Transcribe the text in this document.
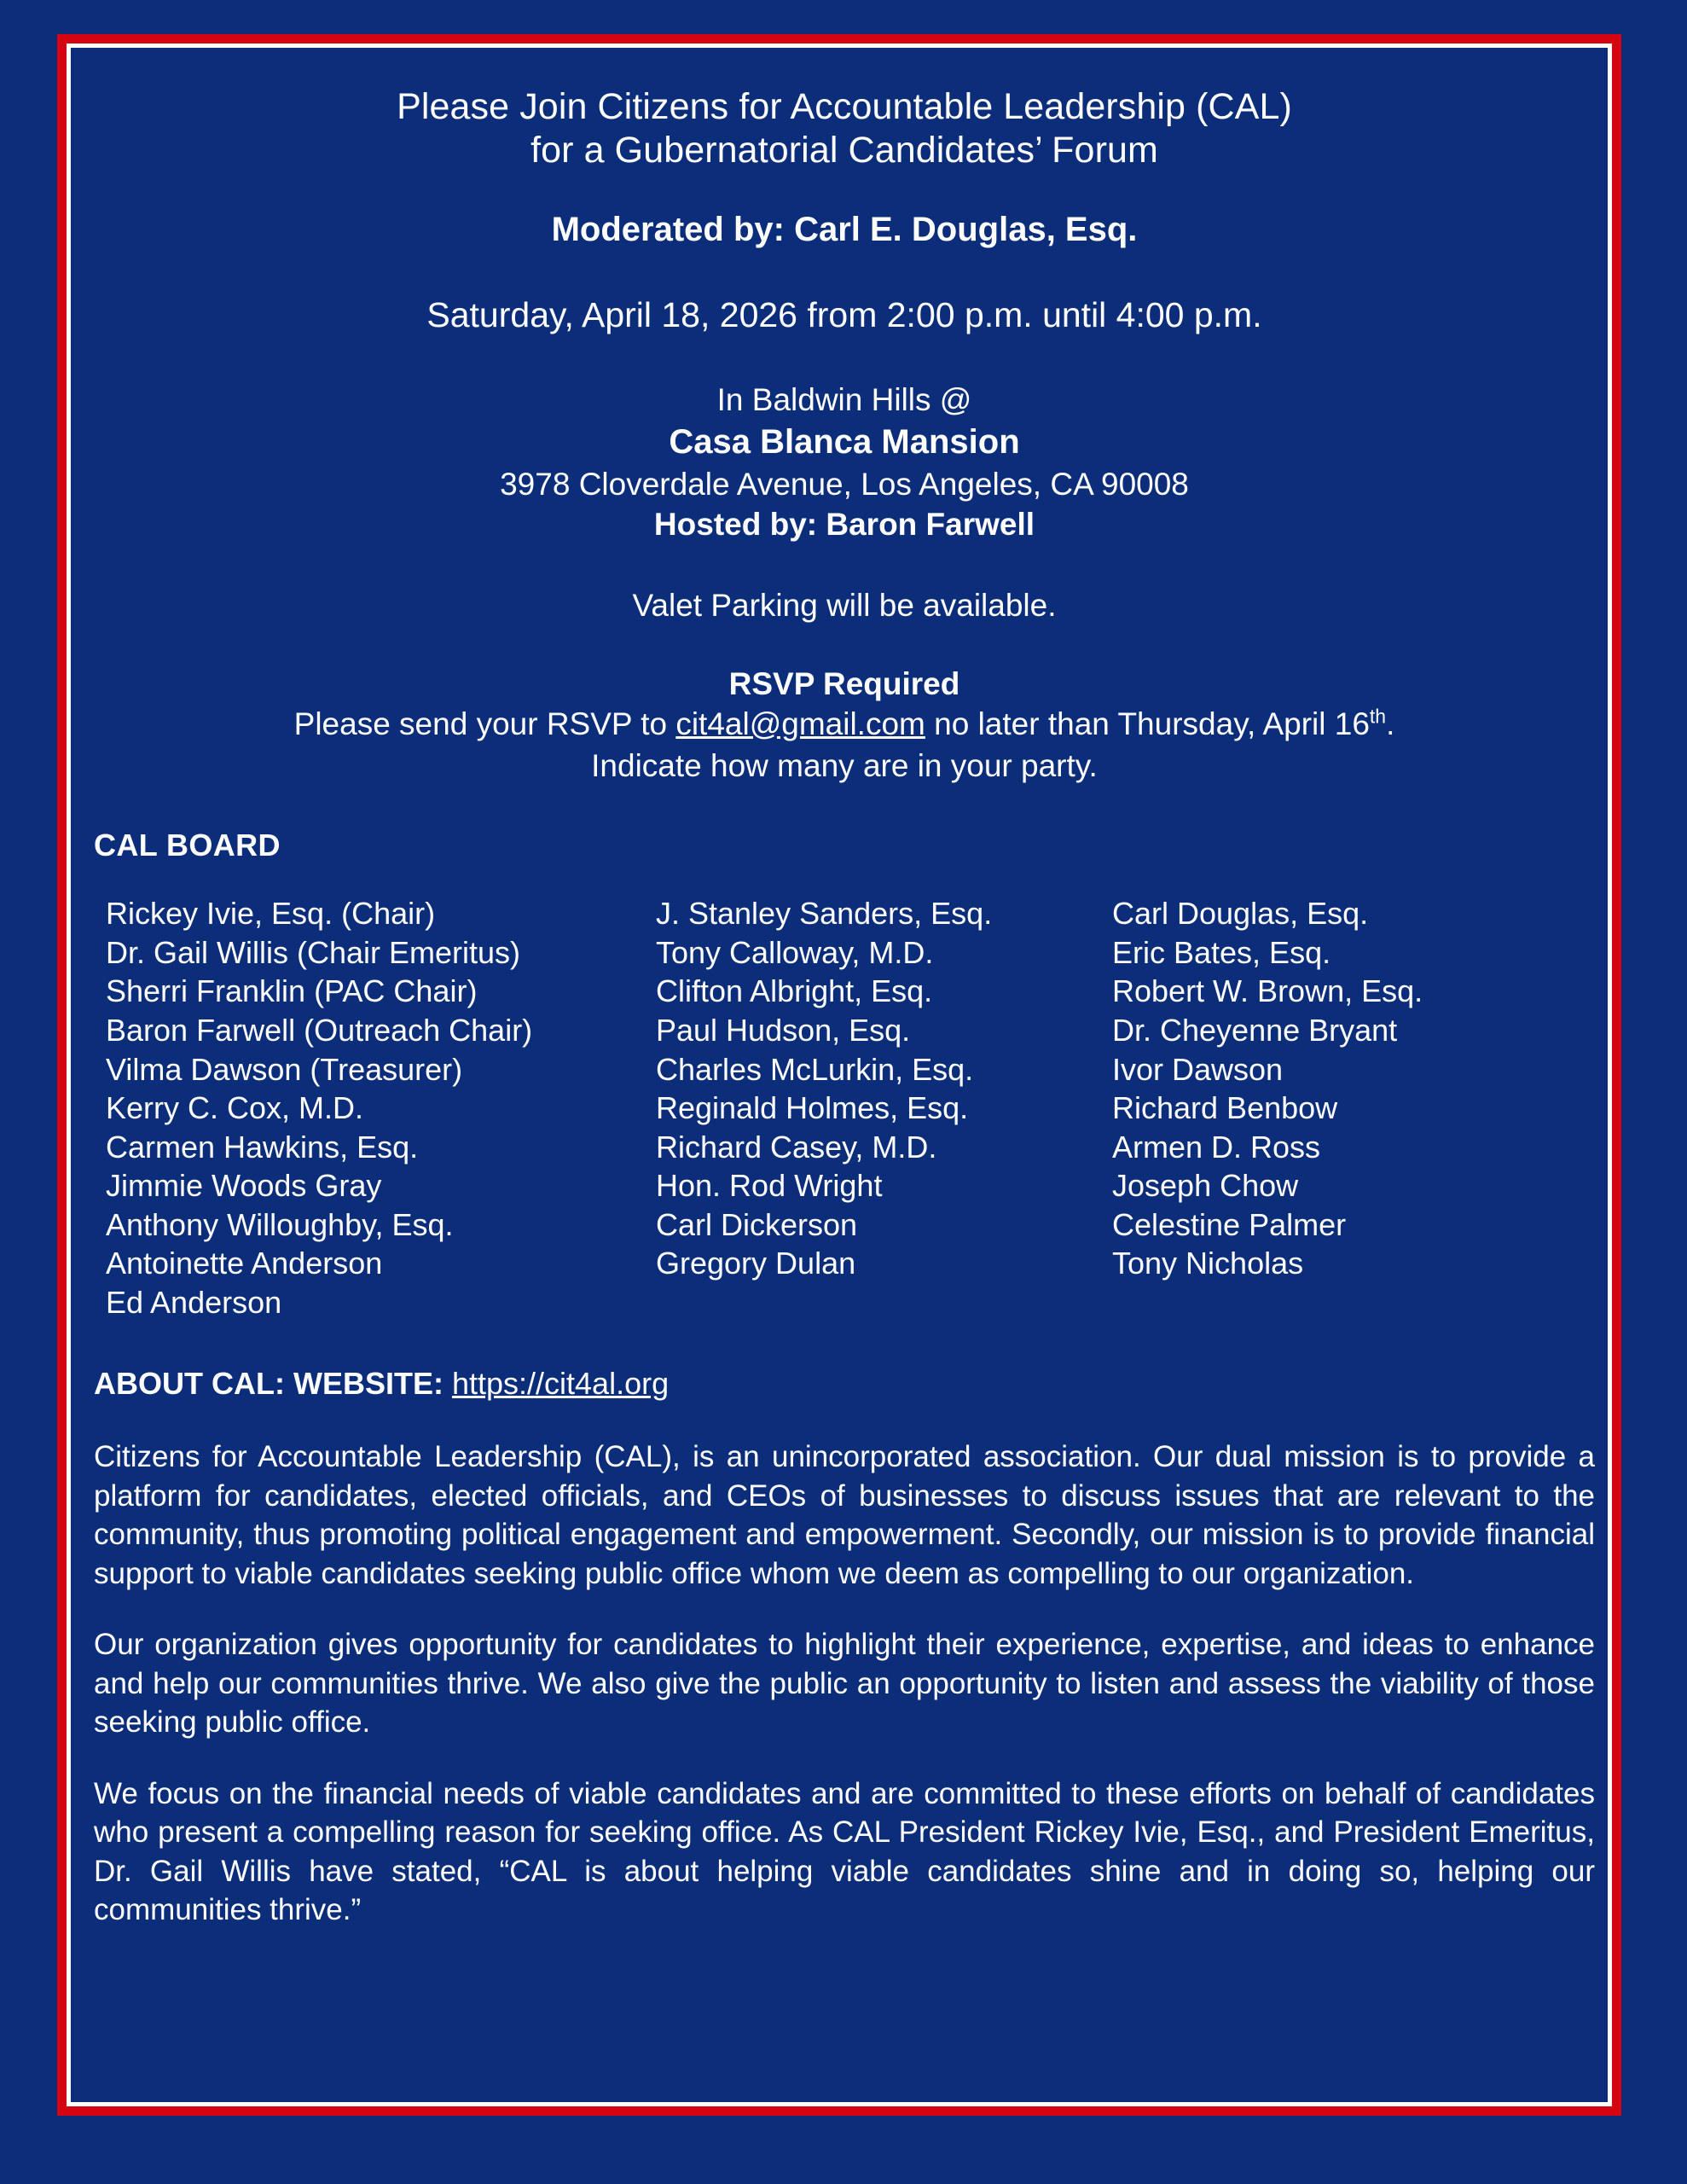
Please Join Citizens for Accountable Leadership (CAL)
for a Gubernatorial Candidates’ Forum
Moderated by: Carl E. Douglas, Esq.
Saturday, April 18, 2026 from 2:00 p.m. until 4:00 p.m.
In Baldwin Hills @
Casa Blanca Mansion
3978 Cloverdale Avenue, Los Angeles, CA 90008
Hosted by: Baron Farwell
Valet Parking will be available.
RSVP Required
Please send your RSVP to cit4al@gmail.com no later than Thursday, April 16th.
Indicate how many are in your party.
CAL BOARD
Rickey Ivie, Esq. (Chair)
Dr. Gail Willis (Chair Emeritus)
Sherri Franklin (PAC Chair)
Baron Farwell (Outreach Chair)
Vilma Dawson (Treasurer)
Kerry C. Cox, M.D.
Carmen Hawkins, Esq.
Jimmie Woods Gray
Anthony Willoughby, Esq.
Antoinette Anderson
Ed Anderson
J. Stanley Sanders, Esq.
Tony Calloway, M.D.
Clifton Albright, Esq.
Paul Hudson, Esq.
Charles McLurkin, Esq.
Reginald Holmes, Esq.
Richard Casey, M.D.
Hon. Rod Wright
Carl Dickerson
Gregory Dulan
Carl Douglas, Esq.
Eric Bates, Esq.
Robert W. Brown, Esq.
Dr. Cheyenne Bryant
Ivor Dawson
Richard Benbow
Armen D. Ross
Joseph Chow
Celestine Palmer
Tony Nicholas
ABOUT CAL: WEBSITE: https://cit4al.org
Citizens for Accountable Leadership (CAL), is an unincorporated association. Our dual mission is to provide a platform for candidates, elected officials, and CEOs of businesses to discuss issues that are relevant to the community, thus promoting political engagement and empowerment. Secondly, our mission is to provide financial support to viable candidates seeking public office whom we deem as compelling to our organization.
Our organization gives opportunity for candidates to highlight their experience, expertise, and ideas to enhance and help our communities thrive. We also give the public an opportunity to listen and assess the viability of those seeking public office.
We focus on the financial needs of viable candidates and are committed to these efforts on behalf of candidates who present a compelling reason for seeking office. As CAL President Rickey Ivie, Esq., and President Emeritus, Dr. Gail Willis have stated, “CAL is about helping viable candidates shine and in doing so, helping our communities thrive.”
